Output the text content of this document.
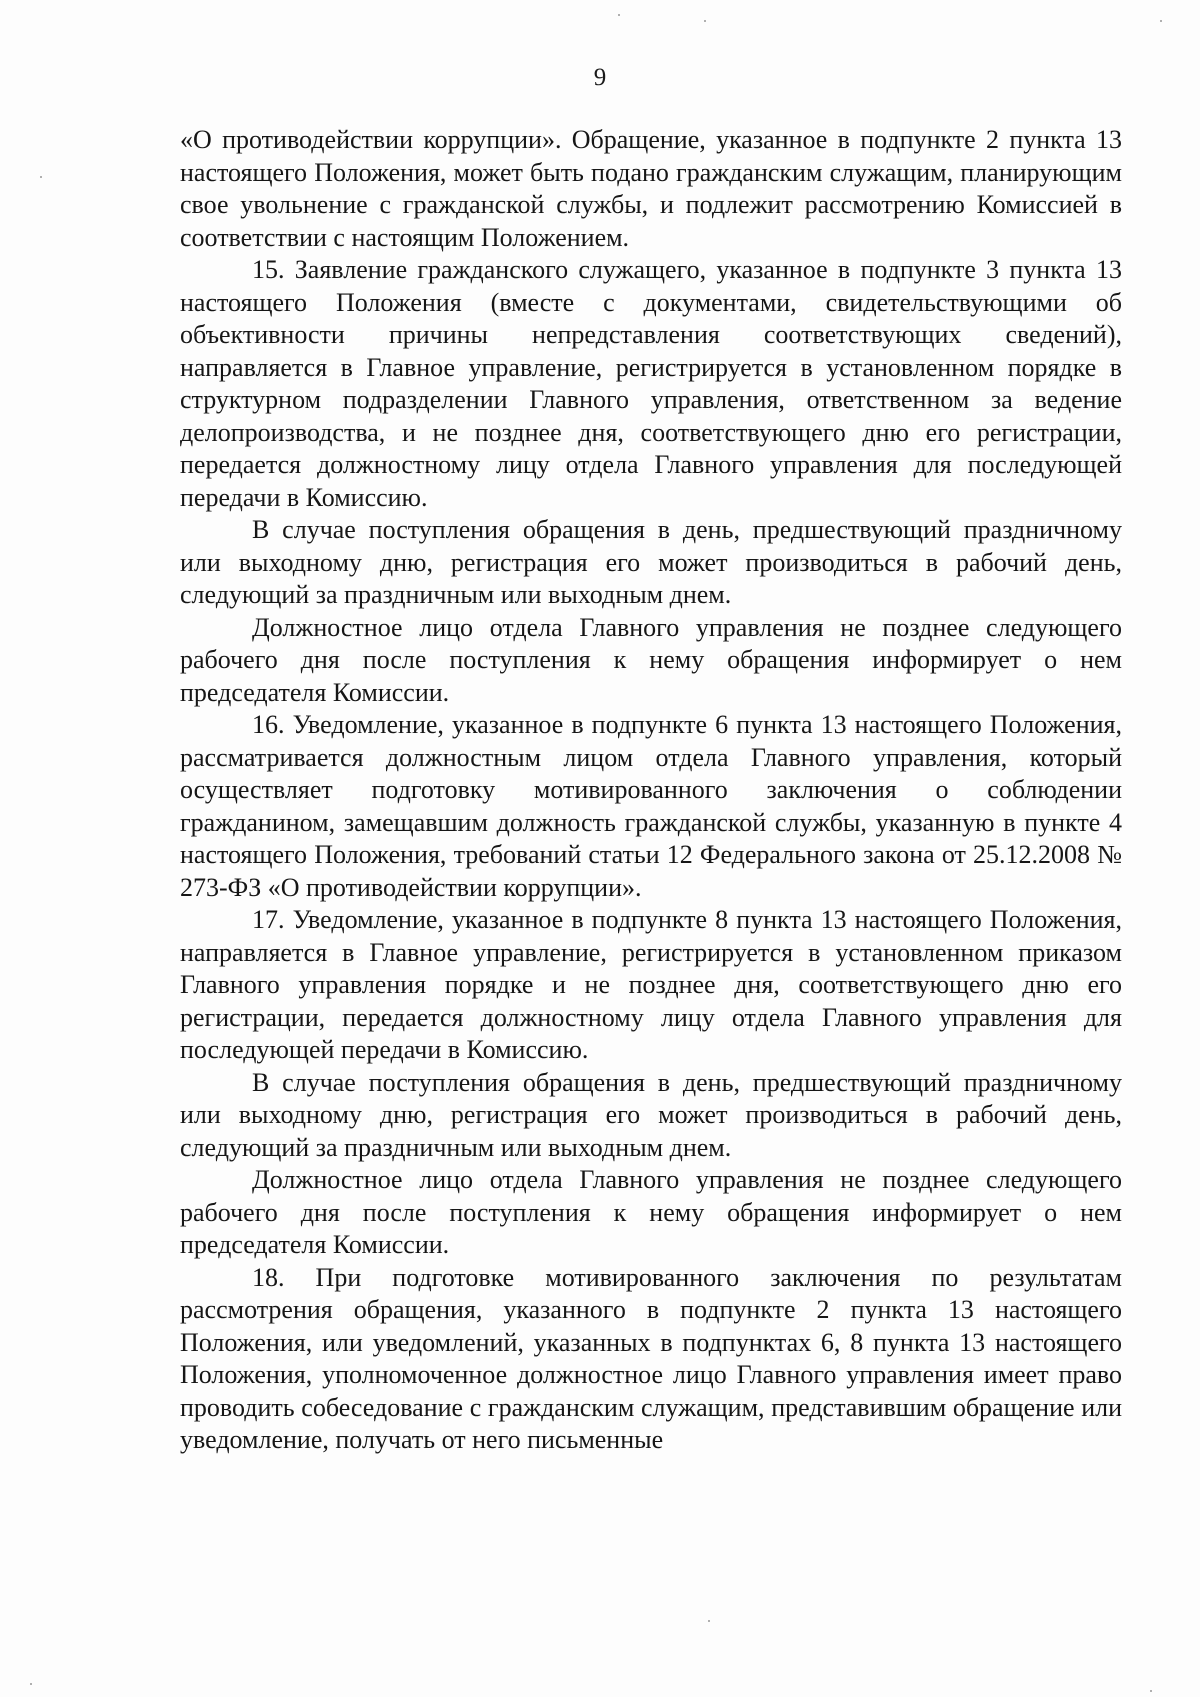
9

«О противодействии коррупции». Обращение, указанное в подпункте 2 пункта 13 настоящего Положения, может быть подано гражданским служащим, планирующим свое увольнение с гражданской службы, и подлежит рассмотрению Комиссией в соответствии с настоящим Положением.

15. Заявление гражданского служащего, указанное в подпункте 3 пункта 13 настоящего Положения (вместе с документами, свидетельствующими об объективности причины непредставления соответствующих сведений), направляется в Главное управление, регистрируется в установленном порядке в структурном подразделении Главного управления, ответственном за ведение делопроизводства, и не позднее дня, соответствующего дню его регистрации, передается должностному лицу отдела Главного управления для последующей передачи в Комиссию.

В случае поступления обращения в день, предшествующий праздничному или выходному дню, регистрация его может производиться в рабочий день, следующий за праздничным или выходным днем.

Должностное лицо отдела Главного управления не позднее следующего рабочего дня после поступления к нему обращения информирует о нем председателя Комиссии.

16. Уведомление, указанное в подпункте 6 пункта 13 настоящего Положения, рассматривается должностным лицом отдела Главного управления, который осуществляет подготовку мотивированного заключения о соблюдении гражданином, замещавшим должность гражданской службы, указанную в пункте 4 настоящего Положения, требований статьи 12 Федерального закона от 25.12.2008 № 273-ФЗ «О противодействии коррупции».

17. Уведомление, указанное в подпункте 8 пункта 13 настоящего Положения, направляется в Главное управление, регистрируется в установленном приказом Главного управления порядке и не позднее дня, соответствующего дню его регистрации, передается должностному лицу отдела Главного управления для последующей передачи в Комиссию.

В случае поступления обращения в день, предшествующий праздничному или выходному дню, регистрация его может производиться в рабочий день, следующий за праздничным или выходным днем.

Должностное лицо отдела Главного управления не позднее следующего рабочего дня после поступления к нему обращения информирует о нем председателя Комиссии.

18. При подготовке мотивированного заключения по результатам рассмотрения обращения, указанного в подпункте 2 пункта 13 настоящего Положения, или уведомлений, указанных в подпунктах 6, 8 пункта 13 настоящего Положения, уполномоченное должностное лицо Главного управления имеет право проводить собеседование с гражданским служащим, представившим обращение или уведомление, получать от него письменные
